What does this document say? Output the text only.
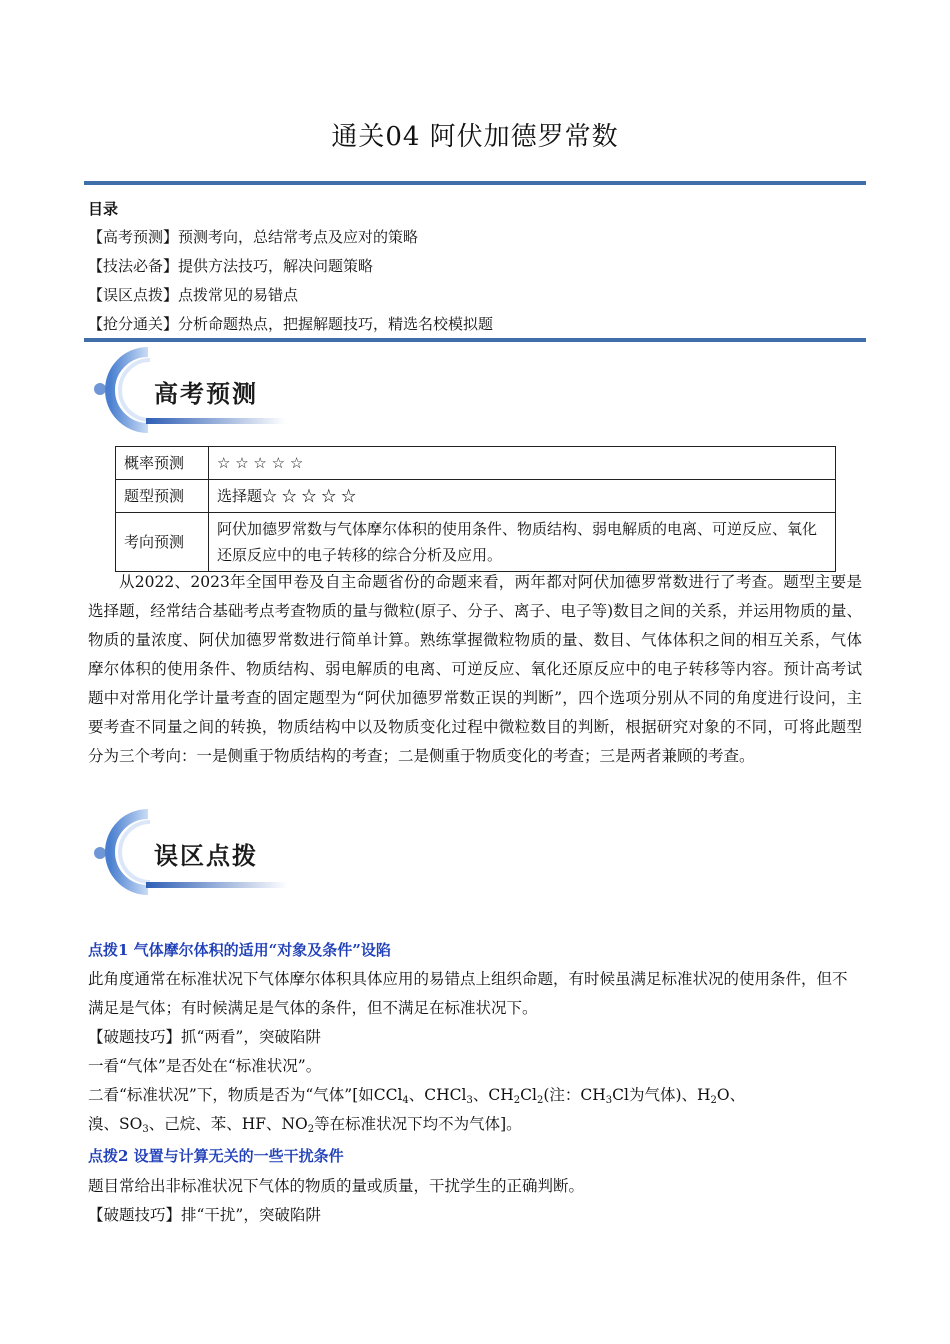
通关04 阿伏加德罗常数
目录
【高考预测】预测考向，总结常考点及应对的策略
【技法必备】提供方法技巧，解决问题策略
【误区点拨】点拨常见的易错点
【抢分通关】分析命题热点，把握解题技巧，精选名校模拟题
高考预测
概率预测	☆ ☆ ☆ ☆ ☆
题型预测	选择题☆ ☆ ☆ ☆ ☆
考向预测	阿伏加德罗常数与气体摩尔体积的使用条件、物质结构、弱电解质的电离、可逆反应、氧化还原反应中的电子转移的综合分析及应用。
从2022、2023年全国甲卷及自主命题省份的命题来看，两年都对阿伏加德罗常数进行了考查。题型主要是选择题，经常结合基础考点考查物质的量与微粒(原子、分子、离子、电子等)数目之间的关系，并运用物质的量、物质的量浓度、阿伏加德罗常数进行简单计算。熟练掌握微粒物质的量、数目、气体体积之间的相互关系，气体摩尔体积的使用条件、物质结构、弱电解质的电离、可逆反应、氧化还原反应中的电子转移等内容。预计高考试题中对常用化学计量考查的固定题型为“阿伏加德罗常数正误的判断”，四个选项分别从不同的角度进行设问，主要考查不同量之间的转换，物质结构中以及物质变化过程中微粒数目的判断，根据研究对象的不同，可将此题型分为三个考向：一是侧重于物质结构的考查；二是侧重于物质变化的考查；三是两者兼顾的考查。
误区点拨
点拨1 气体摩尔体积的适用“对象及条件”设陷
此角度通常在标准状况下气体摩尔体积具体应用的易错点上组织命题，有时候虽满足标准状况的使用条件，但不满足是气体；有时候满足是气体的条件，但不满足在标准状况下。
【破题技巧】抓“两看”，突破陷阱
一看“气体”是否处在“标准状况”。
二看“标准状况”下，物质是否为“气体”[如CCl$_4$、CHCl$_3$、$CH_2Cl_2$(注：$CH_3Cl$为气体)、$H_2O$、
溴、$SO_3$、己烷、苯、HF、$NO_2$等在标准状况下均不为气体]。
点拨2 设置与计算无关的一些干扰条件
题目常给出非标准状况下气体的物质的量或质量，干扰学生的正确判断。
【破题技巧】排“干扰”，突破陷阱
